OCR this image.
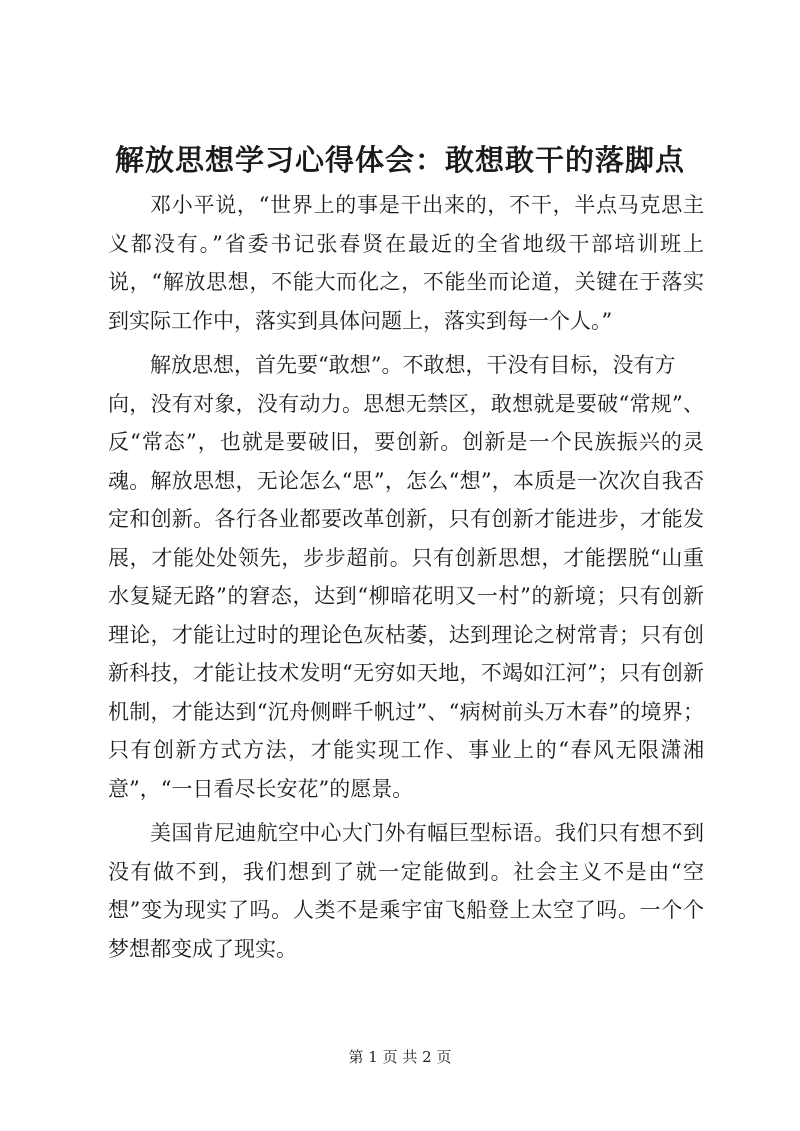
解放思想学习心得体会：敢想敢干的落脚点

邓小平说，“世界上的事是干出来的，不干，半点马克思主义都没有。”省委书记张春贤在最近的全省地级干部培训班上说，“解放思想，不能大而化之，不能坐而论道，关键在于落实到实际工作中，落实到具体问题上，落实到每一个人。”

解放思想，首先要“敢想”。不敢想，干没有目标，没有方

向，没有对象，没有动力。思想无禁区，敢想就是要破“常规”、反“常态”，也就是要破旧，要创新。创新是一个民族振兴的灵魂。解放思想，无论怎么“思”，怎么“想”，本质是一次次自我否定和创新。各行各业都要改革创新，只有创新才能进步，才能发展，才能处处领先，步步超前。只有创新思想，才能摆脱“山重水复疑无路”的窘态，达到“柳暗花明又一村”的新境；只有创新理论，才能让过时的理论色灰枯萎，达到理论之树常青；只有创新科技，才能让技术发明“无穷如天地，不竭如江河”；只有创新机制，才能达到“沉舟侧畔千帆过”、“病树前头万木春”的境界；只有创新方式方法，才能实现工作、事业上的“春风无限潇湘意”，“一日看尽长安花”的愿景。

美国肯尼迪航空中心大门外有幅巨型标语。我们只有想不到没有做不到，我们想到了就一定能做到。社会主义不是由“空想”变为现实了吗。人类不是乘宇宙飞船登上太空了吗。一个个梦想都变成了现实。

第 1 页 共 2 页
